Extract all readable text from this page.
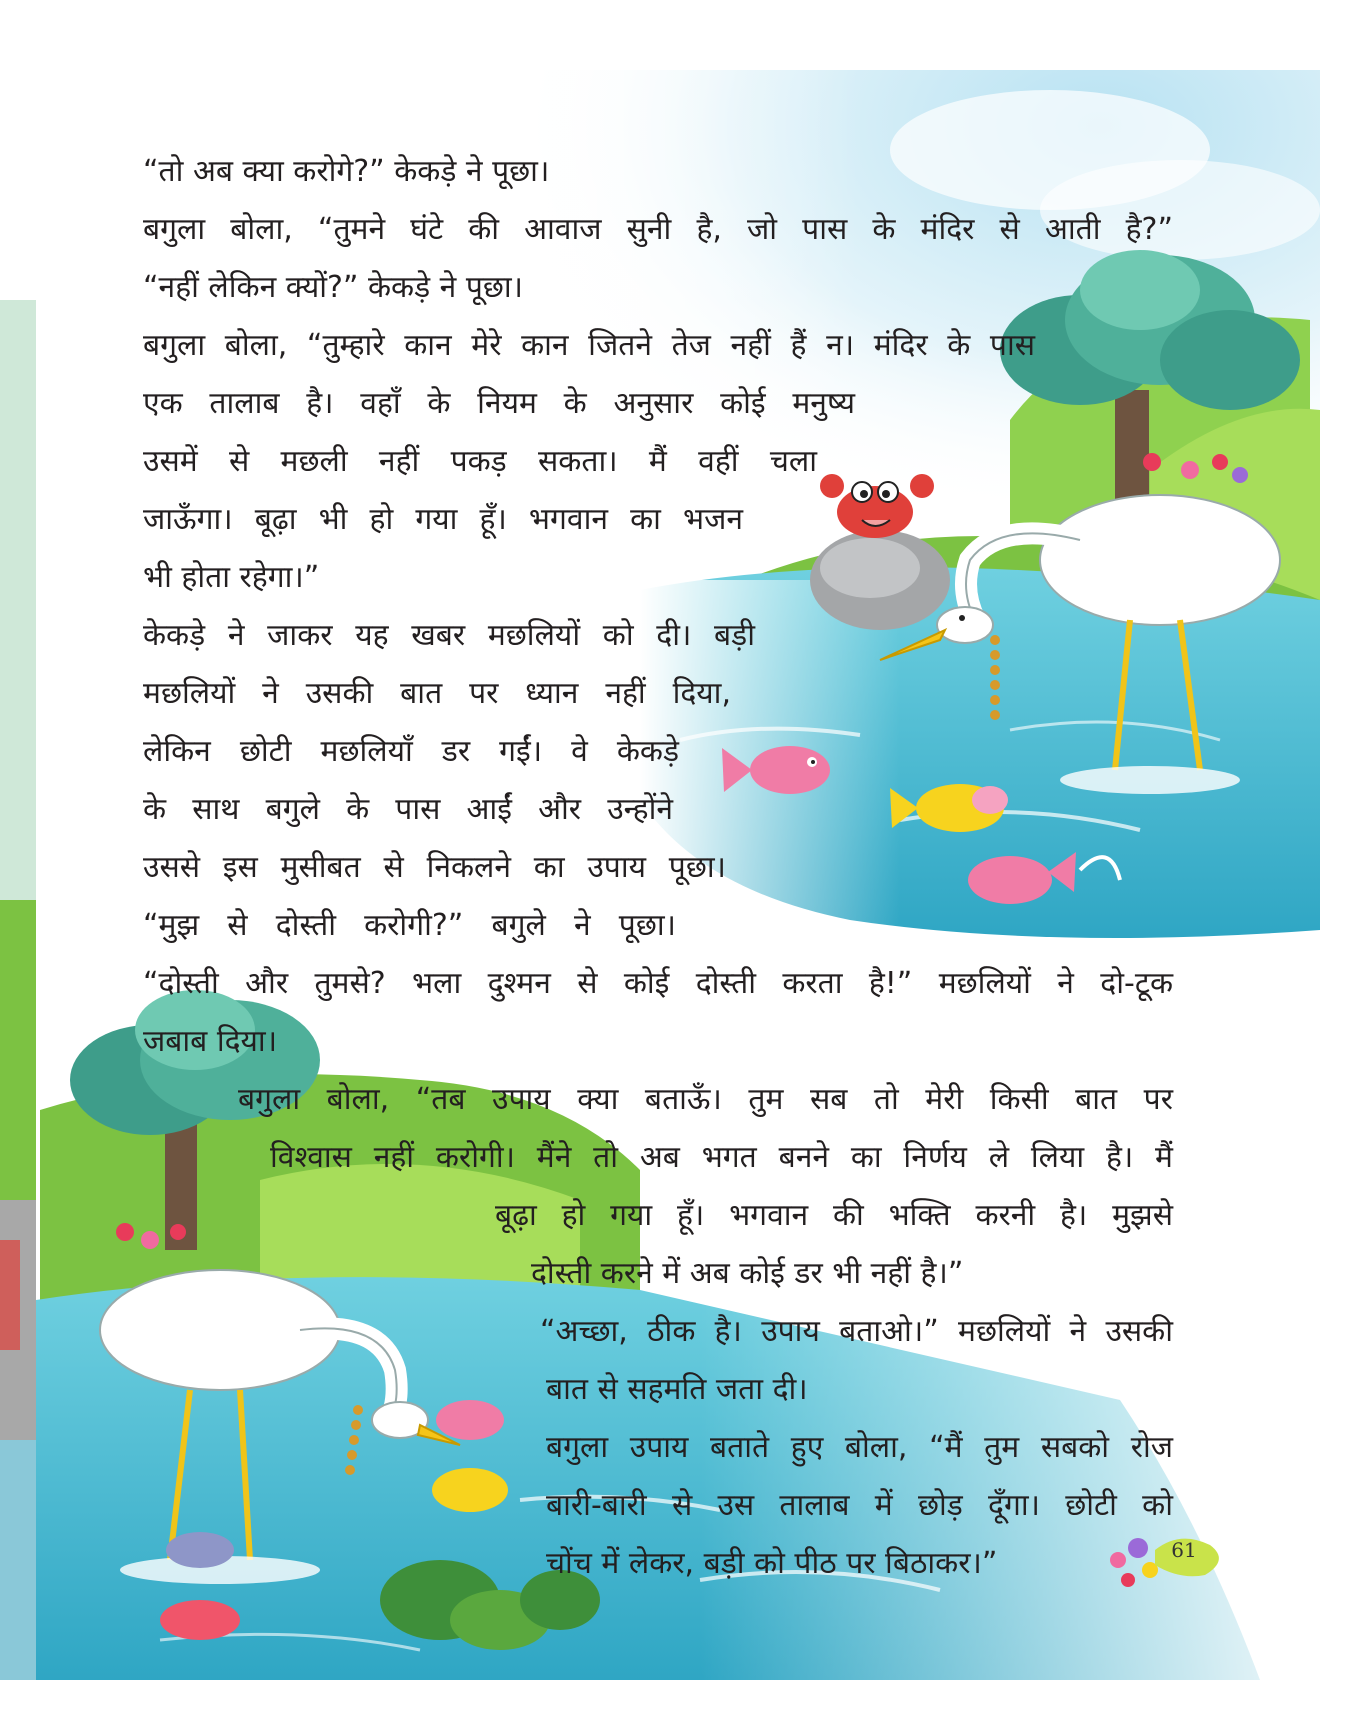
“तो अब क्या करोगे?” केकड़े ने पूछा।

बगुला बोला, “तुमने घंटे की आवाज सुनी है, जो पास के मंदिर से आती है?”

“नहीं लेकिन क्यों?” केकड़े ने पूछा।

बगुला बोला, “तुम्हारे कान मेरे कान जितने तेज नहीं हैं न। मंदिर के पास

एक तालाब है। वहाँ के नियम के अनुसार कोई मनुष्य

उसमें से मछली नहीं पकड़ सकता। मैं वहीं चला

जाऊँगा। बूढ़ा भी हो गया हूँ। भगवान का भजन

भी होता रहेगा।”

केकड़े ने जाकर यह खबर मछलियों को दी। बड़ी

मछलियों ने उसकी बात पर ध्यान नहीं दिया,

लेकिन छोटी मछलियाँ डर गईं। वे केकड़े

के साथ बगुले के पास आईं और उन्होंने

उससे इस मुसीबत से निकलने का उपाय पूछा।

“मुझ से दोस्ती करोगी?” बगुले ने पूछा।

“दोस्ती और तुमसे? भला दुश्मन से कोई दोस्ती करता है!” मछलियों ने दो-टूक

जबाब दिया।

बगुला बोला, “तब उपाय क्या बताऊँ। तुम सब तो मेरी किसी बात पर

विश्वास नहीं करोगी। मैंने तो अब भगत बनने का निर्णय ले लिया है। मैं

बूढ़ा हो गया हूँ। भगवान की भक्ति करनी है। मुझसे

दोस्ती करने में अब कोई डर भी नहीं है।”

“अच्छा, ठीक है। उपाय बताओ।” मछलियों ने उसकी

बात से सहमति जता दी।

बगुला उपाय बताते हुए बोला, “मैं तुम सबको रोज

बारी-बारी से उस तालाब में छोड़ दूँगा। छोटी को

चोंच में लेकर, बड़ी को पीठ पर बिठाकर।”	61
